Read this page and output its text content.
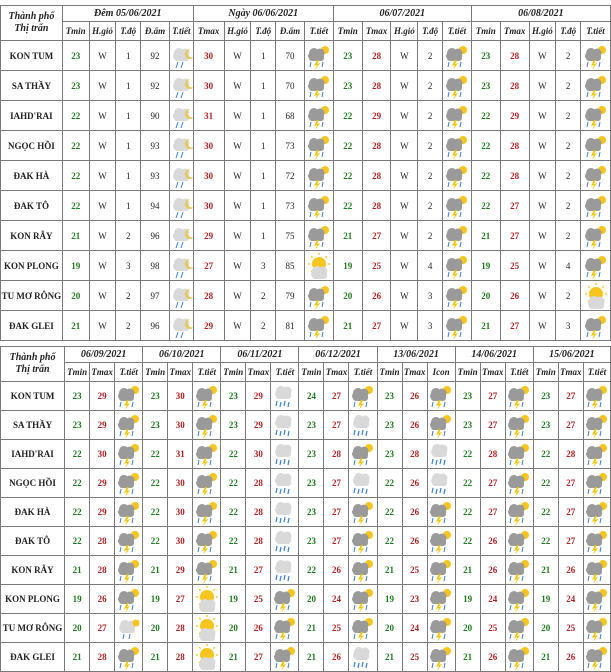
Thành phố
Thị trấn	Đêm 05/06/2021					Ngày 06/06/2021					06/07/2021					06/08/2021				
	Tmin	H.gió	T.độ	Đ.ẩm	T.tiết	Tmax	H.gió	T.độ	Đ.ẩm	T.tiết	Tmin	Tmax	H.gió	T.độ	T.tiết	Tmin	Tmax	H.gió	T.độ	T.tiết
KON TUM	23	W	1	92		30	W	1	70		23	28	W	2		23	28	W	2	

SA THẦY	23	W	1	92		30	W	1	70		23	28	W	2		23	28	W	2	

IAHD'RAI	22	W	1	90		31	W	1	68		22	29	W	2		22	29	W	2	

NGỌC HỒI	22	W	1	93		30	W	1	73		22	28	W	2		22	28	W	2	

ĐAK HÀ	22	W	1	93		30	W	1	72		22	28	W	2		22	28	W	2	

ĐAK TÔ	22	W	1	94		30	W	1	73		22	28	W	2		22	27	W	2	

KON RẪY	21	W	2	96		29	W	1	75		21	27	W	2		21	27	W	2	

KON PLONG	19	W	3	98		27	W	3	85		19	25	W	4		19	25	W	4	

TU MƠ RÔNG	20	W	2	97		28	W	2	79		20	26	W	3		20	26	W	2	

ĐAK GLEI	21	W	2	96		29	W	2	81		21	27	W	3		21	27	W	3	
Thành phố
Thị trấn	06/09/2021			06/10/2021			06/11/2021			06/12/2021			13/06/2021			14/06/2021			15/06/2021		
	Tmin	Tmax	T.tiết	Tmin	Tmax	T.tiết	Tmin	Tmax	T.tiết	Tmin	Tmax	T.tiết	Tmin	Tmax	Icon	Tmin	Tmax	T.tiết	Tmin	Tmax	T.tiết
KON TUM	23	29		23	30		23	29		24	27		23	26		23	27		23	27	

SA THẦY	23	29		23	30		23	29		23	27		23	26		23	27		23	27	

IAHD'RAI	22	30		22	31		22	30		23	28		23	28		22	28		22	28	

NGỌC HỒI	22	29		22	30		22	28		23	27		22	26		22	27		22	27	

ĐAK HÀ	22	29		22	30		22	28		23	27		22	26		22	27		22	27	

ĐAK TÔ	22	28		22	30		22	28		23	27		22	26		22	26		22	27	

KON RẪY	21	28		21	29		21	27		22	26		21	25		21	26		21	26	

KON PLONG	19	26		19	27		19	25		20	24		19	23		19	24		19	24	

TU MƠ RÔNG	20	27		20	28		20	26		21	25		20	24		20	25		20	25	

ĐAK GLEI	21	28		21	28		21	27		21	26		21	25		21	26		21	26	
